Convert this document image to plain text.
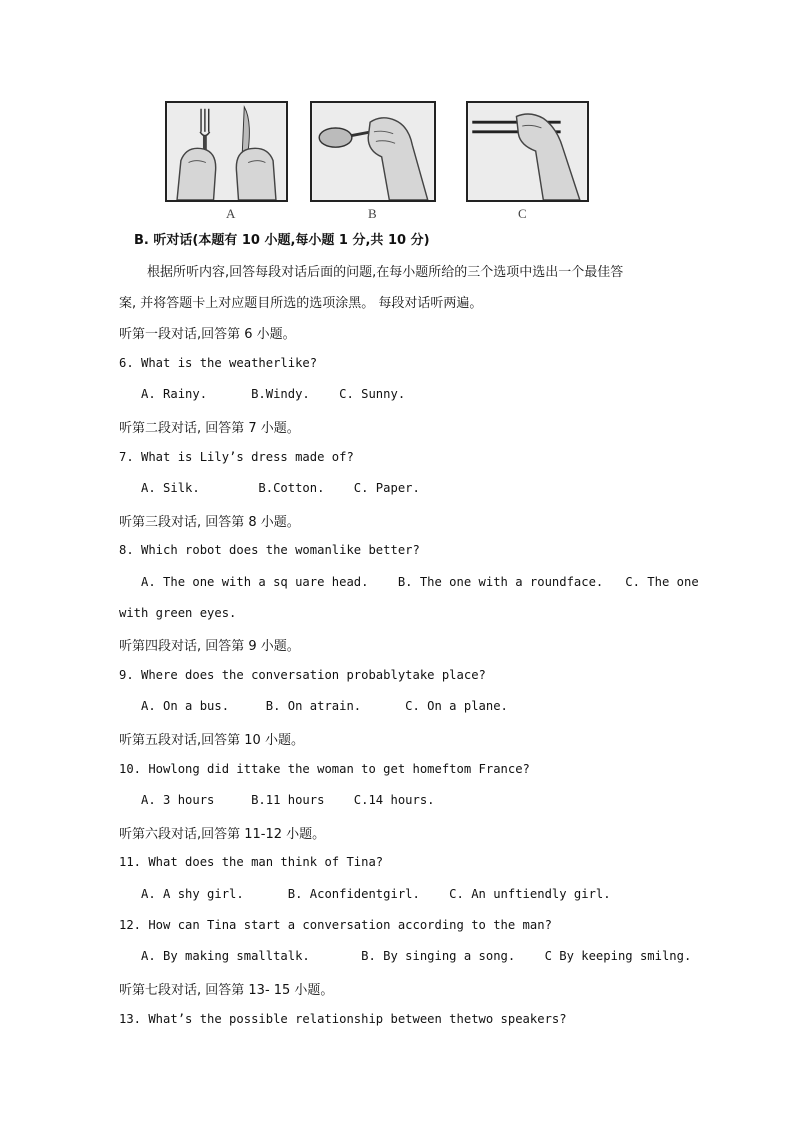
A	B	C
B. 听对话(本题有 10 小题,每小题 1 分,共 10 分)
根据所听内容,回答每段对话后面的问题,在每小题所给的三个选项中选出一个最佳答
案, 并将答题卡上对应题目所选的选项涂黑。 每段对话听两遍。
听第一段对话,回答第 6 小题。
6. What is the weatherlike?
A. Rainy.      B.Windy.    C. Sunny.
听第二段对话, 回答第 7 小题。
7. What is Lily’s dress made of?
A. Silk.        B.Cotton.    C. Paper.
听第三段对话, 回答第 8 小题。
8. Which robot does the womanlike better?
A. The one with a sq uare head.    B. The one with a roundface.   C. The one
with green eyes.
听第四段对话, 回答第 9 小题。
9. Where does the conversation probablytake place?
A. On a bus.     B. On atrain.      C. On a plane.
听第五段对话,回答第 10 小题。
10. Howlong did ittake the woman to get homeftom France?
A. 3 hours     B.11 hours    C.14 hours.
听第六段对话,回答第 11-12 小题。
11. What does the man think of Tina?
A. A shy girl.      B. Aconfidentgirl.    C. An unftiendly girl.
12. How can Tina start a conversation according to the man?
A. By making smalltalk.       B. By singing a song.    C By keeping smilng.
听第七段对话, 回答第 13- 15 小题。
13. What’s the possible relationship between thetwo speakers?
